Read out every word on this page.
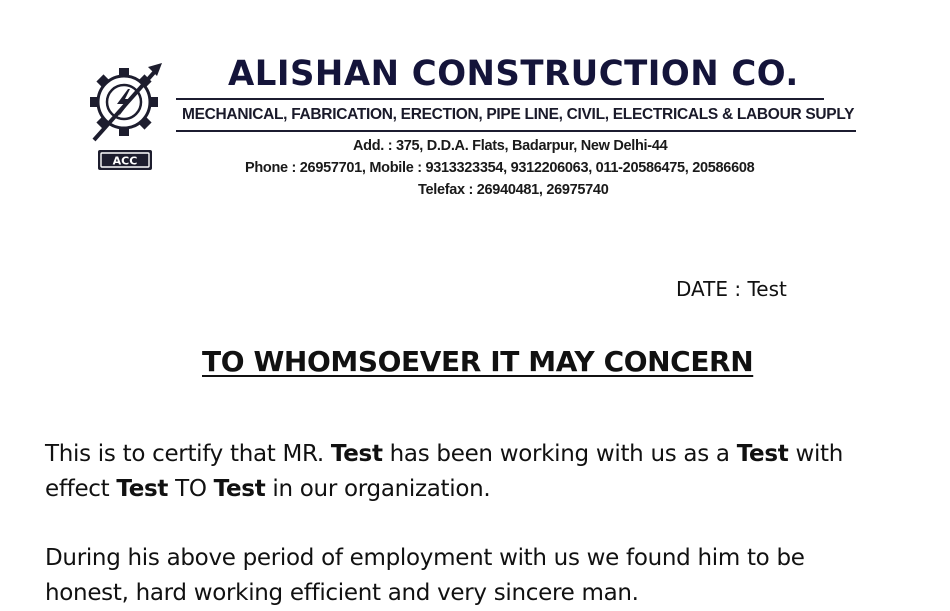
ACC
ALISHAN CONSTRUCTION CO.
MECHANICAL, FABRICATION, ERECTION, PIPE LINE, CIVIL, ELECTRICALS & LABOUR SUPLY
Add. : 375, D.D.A. Flats, Badarpur, New Delhi-44
Phone : 26957701, Mobile : 9313323354, 9312206063, 011-20586475, 20586608
Telefax : 26940481, 26975740
DATE : Test
TO WHOMSOEVER IT MAY CONCERN
This is to certify that MR. Test has been working with us as a Test with
effect Test TO Test in our organization.
During his above period of employment with us we found him to be
honest, hard working efficient and very sincere man.
